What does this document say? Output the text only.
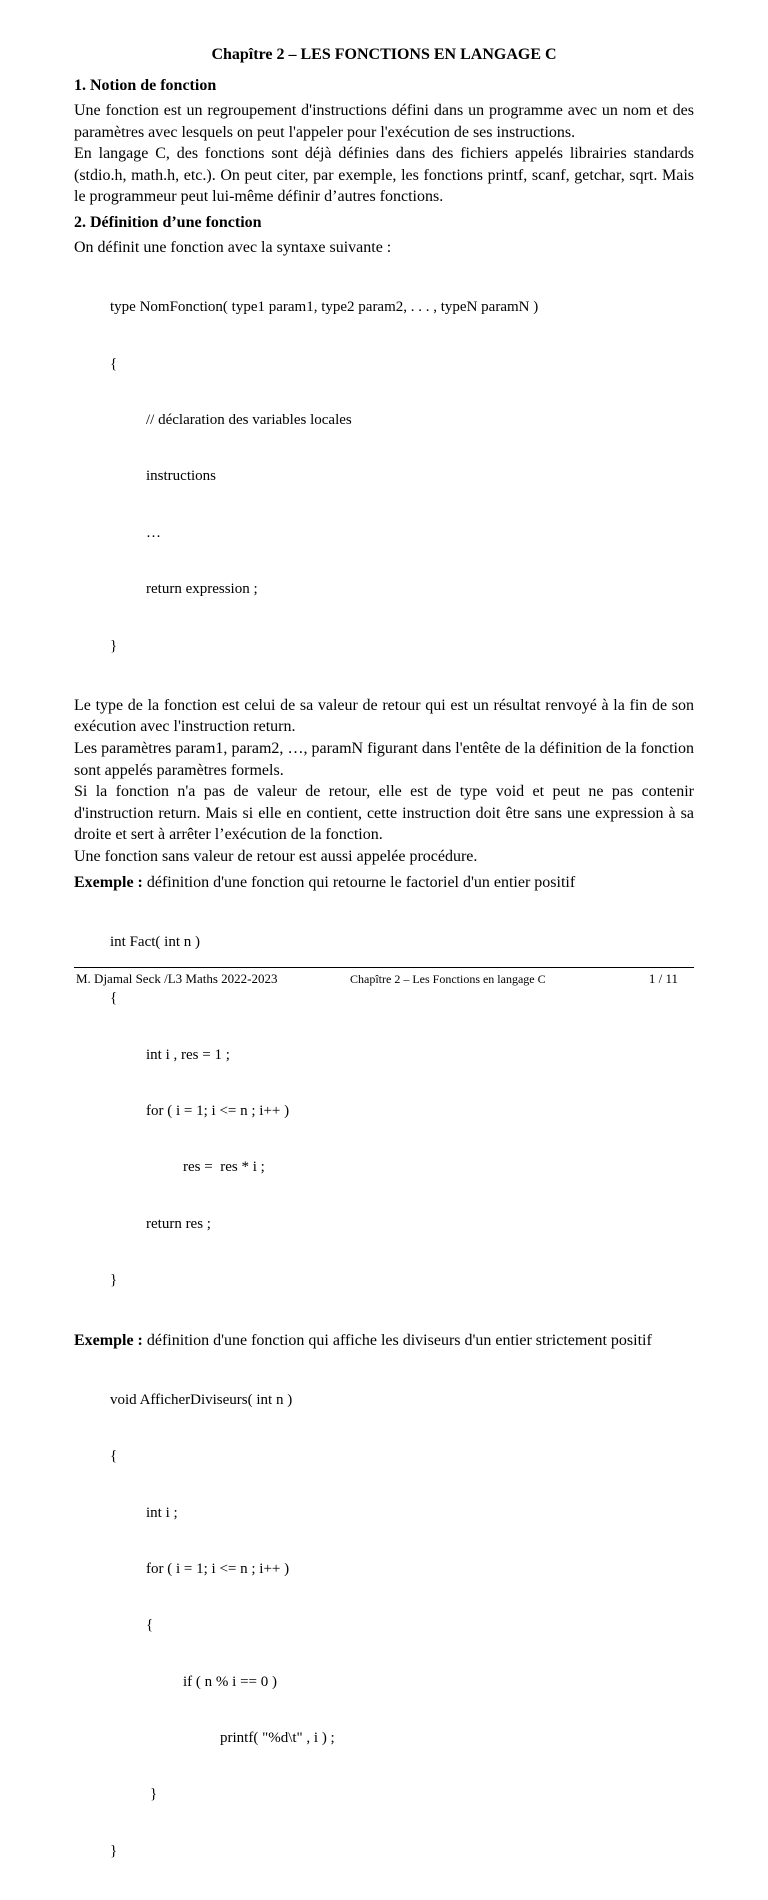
Chapître 2 – LES FONCTIONS EN LANGAGE C
1. Notion de fonction

Une fonction est un regroupement d'instructions défini dans un programme avec un nom et des paramètres avec lesquels on peut l'appeler pour l'exécution de ses instructions.

En langage C, des fonctions sont déjà définies dans des fichiers appelés librairies standards (stdio.h, math.h, etc.). On peut citer, par exemple, les fonctions printf, scanf, getchar, sqrt. Mais le programmeur peut lui-même définir d’autres fonctions.

2. Définition d’une fonction

On définit une fonction avec la syntaxe suivante :

type NomFonction( type1 param1, type2 param2, . . . , typeN paramN )

{

// déclaration des variables locales

instructions

…

return expression ;

}

Le type de la fonction est celui de sa valeur de retour qui est un résultat renvoyé à la fin de son exécution avec l'instruction return.

Les paramètres param1, param2, …, paramN figurant dans l'entête de la définition de la fonction sont appelés paramètres formels.

Si la fonction n'a pas de valeur de retour, elle est de type void et peut ne pas contenir d'instruction return. Mais si elle en contient, cette instruction doit être sans une expression à sa droite et sert à arrêter l’exécution de la fonction.

Une fonction sans valeur de retour est aussi appelée procédure.

Exemple : définition d'une fonction qui retourne le factoriel d'un entier positif

int Fact( int n )

{

int i , res = 1 ;

for ( i = 1; i <= n ; i++ )

res =  res * i ;

return res ;

}

Exemple : définition d'une fonction qui affiche les diviseurs d'un entier strictement positif

void AfficherDiviseurs( int n )

{

int i ;

for ( i = 1; i <= n ; i++ )

{

if ( n % i == 0 )

printf( "%d\t" , i ) ;

}

}

M. Djamal Seck /L3 Maths 2022-2023	Chapître 2 – Les Fonctions en langage C	1 / 11
